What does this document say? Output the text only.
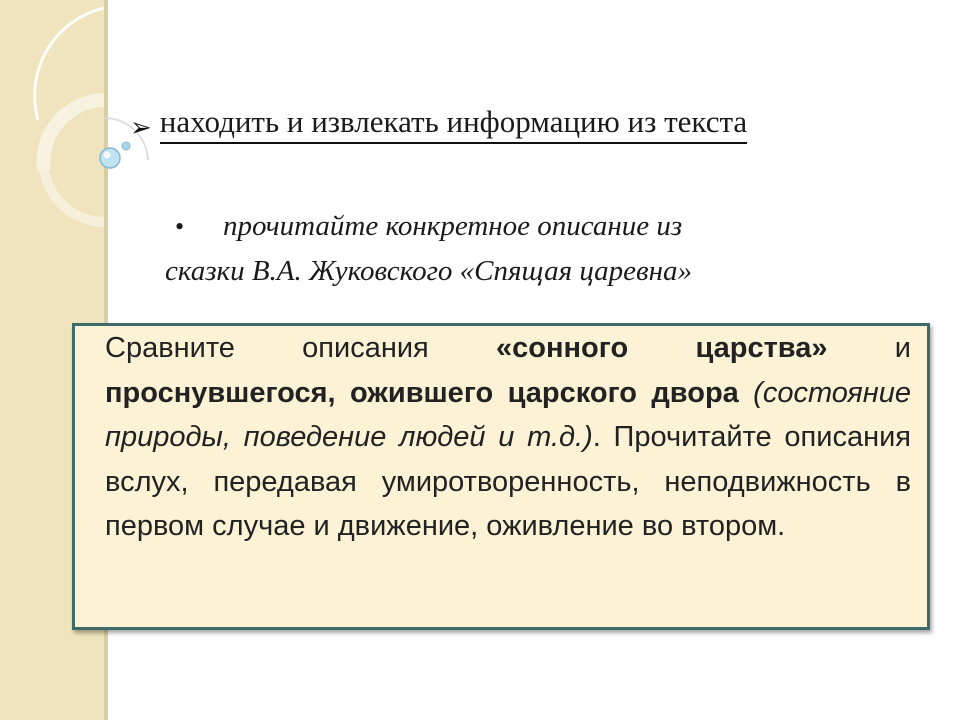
➢ находить и извлекать информацию из текста
•	прочитайте конкретное описание из
сказки В.А. Жуковского «Спящая царевна»
Сравните описания «сонного царства» и проснувшегося, ожившего царского двора (состояние природы, поведение людей и т.д.). Прочитайте описания вслух, передавая умиротворенность, неподвижность в первом случае и движение, оживление во втором.
